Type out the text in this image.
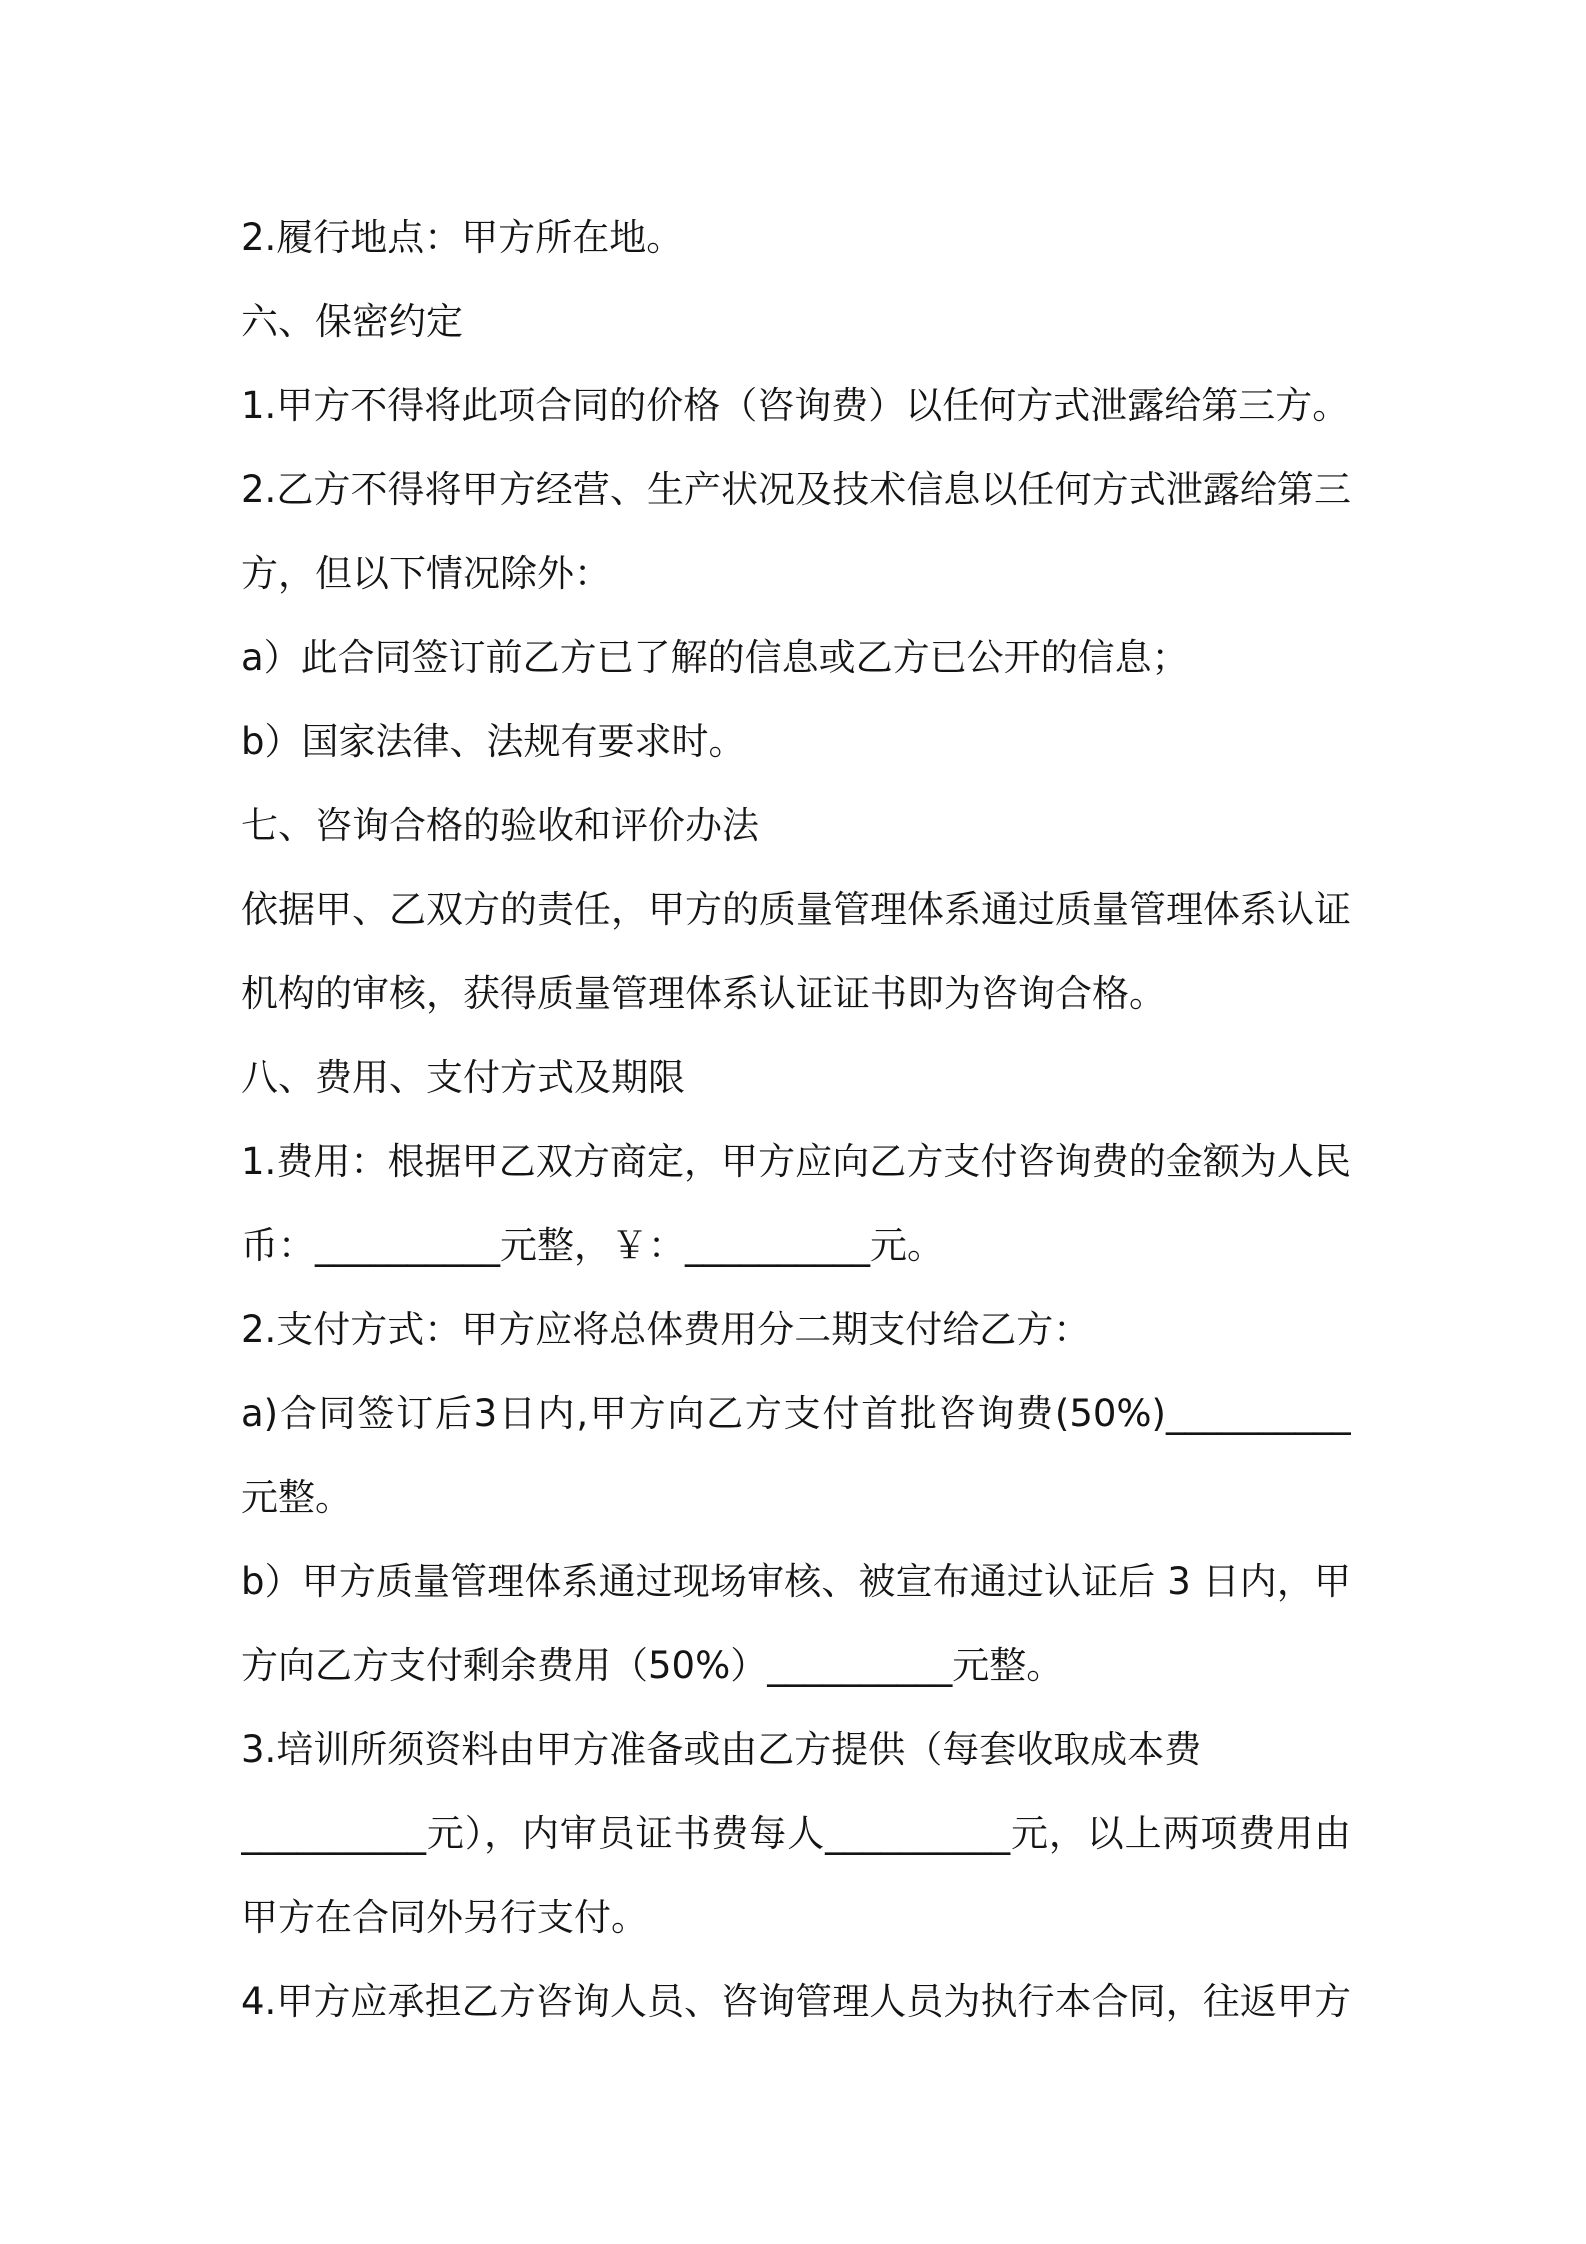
2.履行地点：甲方所在地。
六、保密约定
1.甲方不得将此项合同的价格（咨询费）以任何方式泄露给第三方。
2.乙方不得将甲方经营、生产状况及技术信息以任何方式泄露给第三
方，但以下情况除外：
a）此合同签订前乙方已了解的信息或乙方已公开的信息；
b）国家法律、法规有要求时。
七、咨询合格的验收和评价办法
依据甲、乙双方的责任，甲方的质量管理体系通过质量管理体系认证
机构的审核，获得质量管理体系认证证书即为咨询合格。
八、费用、支付方式及期限
1.费用：根据甲乙双方商定，甲方应向乙方支付咨询费的金额为人民
币：__________元整，￥：__________元。
2.支付方式：甲方应将总体费用分二期支付给乙方：
a)合同签订后3日内,甲方向乙方支付首批咨询费(50%)__________
元整。
b）甲方质量管理体系通过现场审核、被宣布通过认证后 3 日内，甲
方向乙方支付剩余费用（50%）__________元整。
3.培训所须资料由甲方准备或由乙方提供（每套收取成本费
__________元），内审员证书费每人__________元，以上两项费用由
甲方在合同外另行支付。
4.甲方应承担乙方咨询人员、咨询管理人员为执行本合同，往返甲方
